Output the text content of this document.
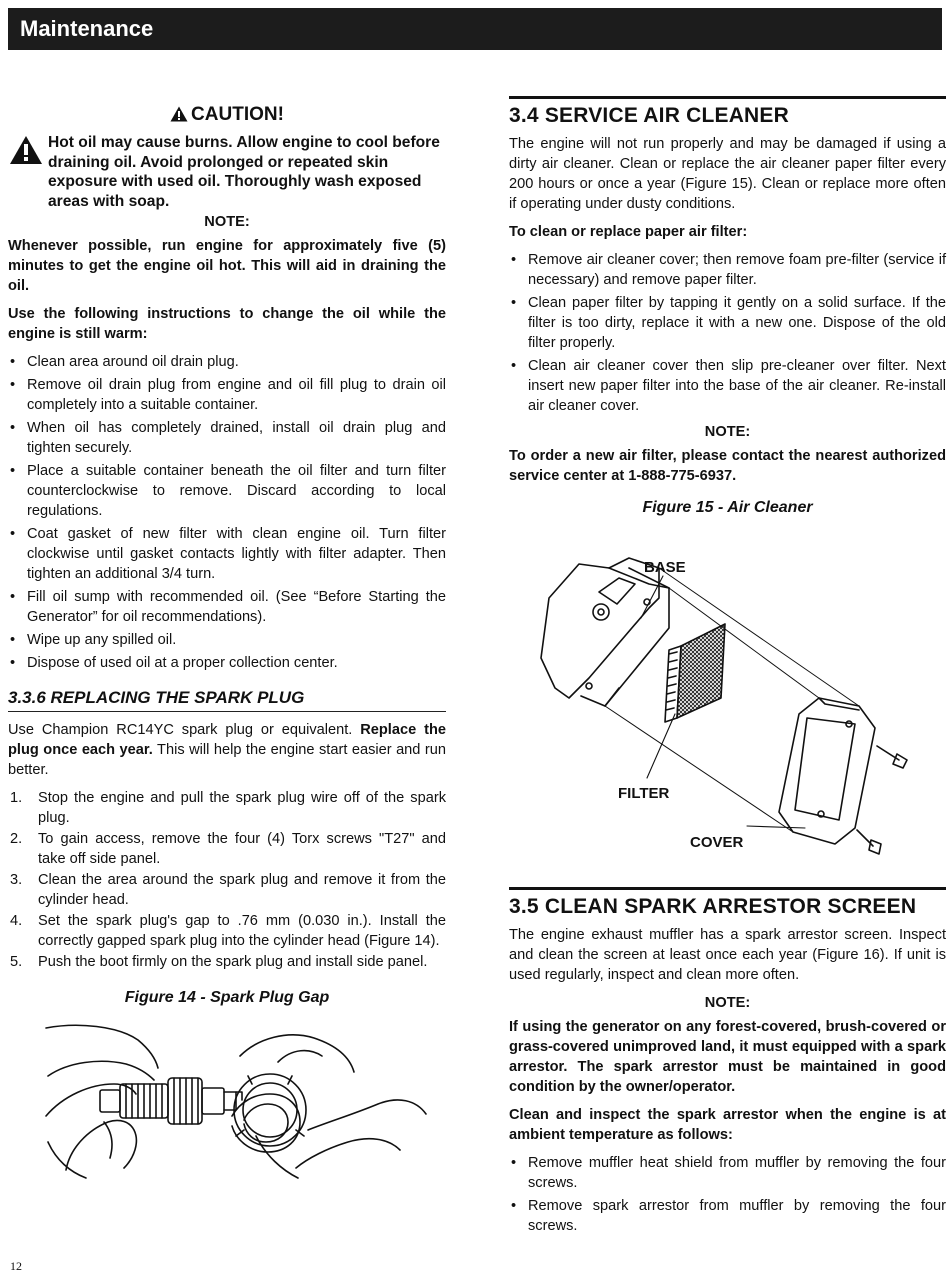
Maintenance
CAUTION!
Hot oil may cause burns. Allow engine to cool before draining oil. Avoid prolonged or repeated skin exposure with used oil. Thoroughly wash exposed areas with soap.
NOTE:

Whenever possible, run engine for approximately five (5) minutes to get the engine oil hot. This will aid in draining the oil.

Use the following instructions to change the oil while the engine is still warm:

• Clean area around oil drain plug.
• Remove oil drain plug from engine and oil fill plug to drain oil completely into a suitable container.
• When oil has completely drained, install oil drain plug and tighten securely.
• Place a suitable container beneath the oil filter and turn filter counterclockwise to remove. Discard according to local regulations.
• Coat gasket of new filter with clean engine oil. Turn filter clockwise until gasket contacts lightly with filter adapter. Then tighten an additional 3/4 turn.
• Fill oil sump with recommended oil. (See “Before Starting the Generator” for oil recommendations).
• Wipe up any spilled oil.
• Dispose of used oil at a proper collection center.
3.3.6 REPLACING THE SPARK PLUG

Use Champion RC14YC spark plug or equivalent. Replace the plug once each year. This will help the engine start easier and run better.

1. Stop the engine and pull the spark plug wire off of the spark plug.
2. To gain access, remove the four (4) Torx screws "T27" and take off side panel.
3. Clean the area around the spark plug and remove it from the cylinder head.
4. Set the spark plug's gap to .76 mm (0.030 in.). Install the correctly gapped spark plug into the cylinder head (Figure 14).
5. Push the boot firmly on the spark plug and install side panel.
Figure 14 - Spark Plug Gap
3.4 SERVICE AIR CLEANER

The engine will not run properly and may be damaged if using a dirty air cleaner. Clean or replace the air cleaner paper filter every 200 hours or once a year (Figure 15). Clean or replace more often if operating under dusty conditions.

To clean or replace paper air filter:

• Remove air cleaner cover; then remove foam pre-filter (service if necessary) and remove paper filter.
• Clean paper filter by tapping it gently on a solid surface. If the filter is too dirty, replace it with a new one. Dispose of the old filter properly.
• Clean air cleaner cover then slip pre-cleaner over filter. Next insert new paper filter into the base of the air cleaner. Re-install air cleaner cover.
NOTE:

To order a new air filter, please contact the nearest authorized service center at 1-888-775-6937.

Figure 15 - Air Cleaner
BASE
FILTER
COVER
3.5 CLEAN SPARK ARRESTOR SCREEN

The engine exhaust muffler has a spark arrestor screen. Inspect and clean the screen at least once each year (Figure 16). If unit is used regularly, inspect and clean more often.

NOTE:

If using the generator on any forest-covered, brush-covered or grass-covered unimproved land, it must equipped with a spark arrestor. The spark arrestor must be maintained in good condition by the owner/operator.

Clean and inspect the spark arrestor when the engine is at ambient temperature as follows:

• Remove muffler heat shield from muffler by removing the four screws.
• Remove spark arrestor from muffler by removing the four screws.
12
